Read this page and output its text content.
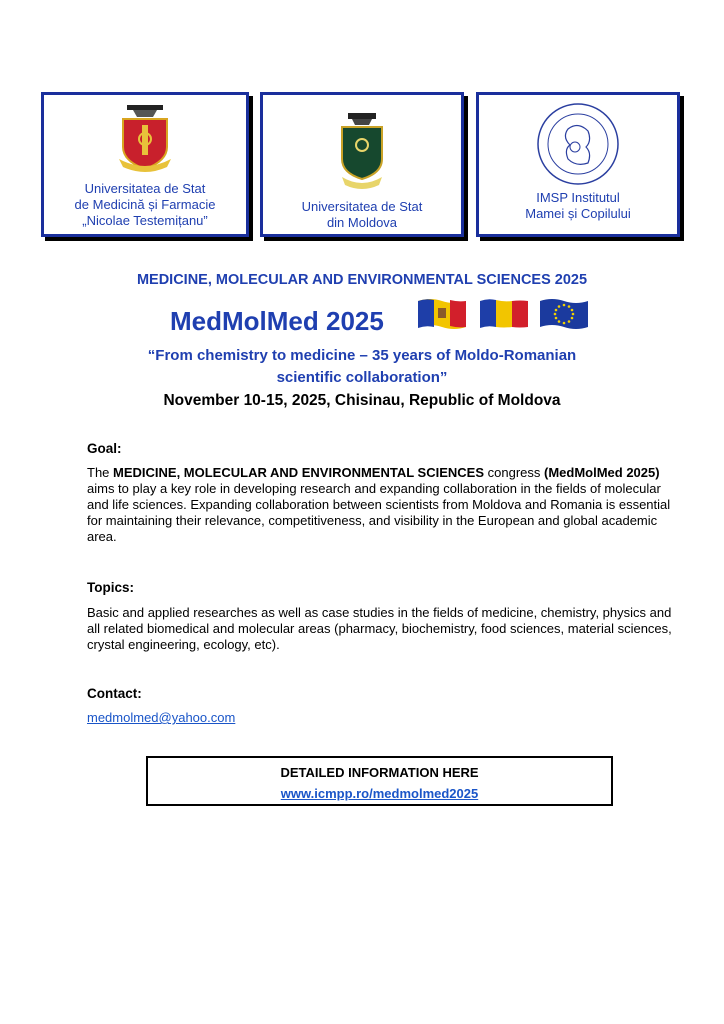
Universitatea de Stat
de Medicină și Farmacie
„Nicolae Testemițanu”
Universitatea de Stat
din Moldova
IMSP Institutul
Mamei și Copilului
MEDICINE, MOLECULAR AND ENVIRONMENTAL SCIENCES 2025
MedMolMed 2025
“From chemistry to medicine – 35 years of Moldo-Romanian
scientific collaboration”
November 10-15, 2025, Chisinau, Republic of Moldova
Goal:
The MEDICINE, MOLECULAR AND ENVIRONMENTAL SCIENCES congress (MedMolMed 2025) aims to play a key role in developing research and expanding collaboration in the fields of molecular and life sciences. Expanding collaboration between scientists from Moldova and Romania is essential for maintaining their relevance, competitiveness, and visibility in the European and global academic area.
Topics:
Basic and applied researches as well as case studies in the fields of medicine, chemistry, physics and all related biomedical and molecular areas (pharmacy, biochemistry, food sciences, material sciences, crystal engineering, ecology, etc).
Contact:
medmolmed@yahoo.com
DETAILED INFORMATION HERE
www.icmpp.ro/medmolmed2025
